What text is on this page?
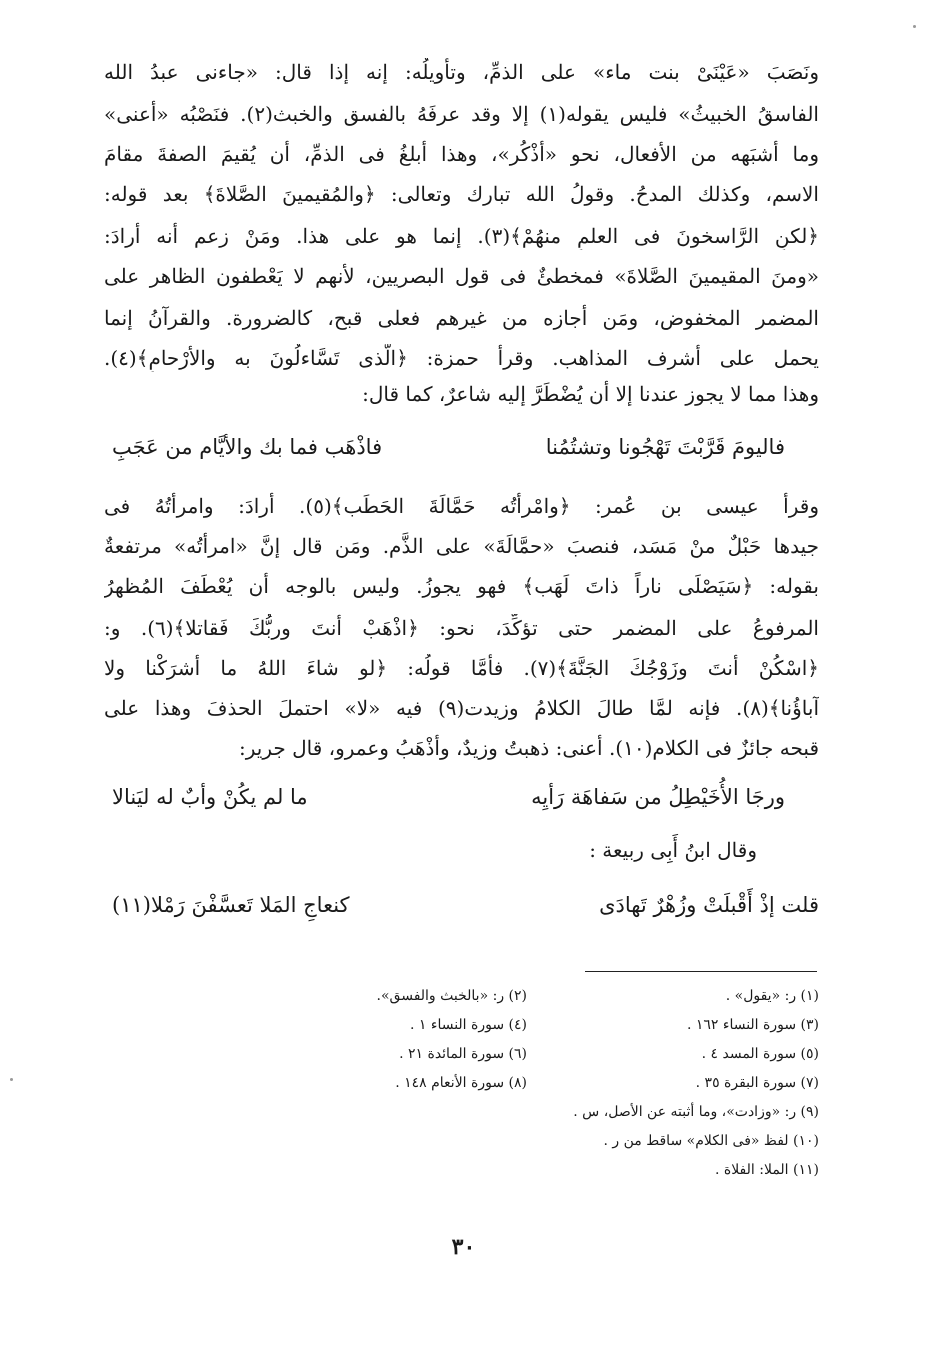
ونَصَبَ «عَيْنَىْ بنت ماء» على الذمِّ، وتأويلُه: إنه إذا قال: «جاءنى عبدُ الله
الفاسقُ الخبيثُ» فليس يقوله(١) إلا وقد عرفَهُ بالفسق والخبث(٢). فنَصْبُه «أعنى»
وما أشبَهه من الأفعال، نحو «أذْكُر»، وهذا أبلغُ فى الذمِّ، أن يُقيمَ الصفةَ مقامَ
الاسم، وكذلك المدحُ. وقولُ الله تبارك وتعالى: ﴿والمُقيمينَ الصَّلاةَ﴾ بعد قوله:
﴿لكنِ الرَّاسخونَ فى العلمِ منهُمْ﴾(٣). إنما هو على هذا. ومَنْ زعم أنه أرادَ:
«ومنَ المقيمينَ الصَّلاةَ» فمخطئٌ فى قول البصريين، لأنهم لا يَعْطفون الظاهر على
المضمر المخفوض، ومَن أجازه من غيرهم فعلى قبح، كالضرورة. والقرآنُ إنما
يحمل على أشرف المذاهب. وقرأ حمزة: ﴿الَّذى تَسَّاءلُونَ به والأرْحامِ﴾(٤).
وهذا مما لا يجوز عندنا إلا أن يُضْطَرَّ إليه شاعرٌ، كما قال:
فاليومَ قَرَّبْتَ تَهْجُونا وتشتُمُنا
فاذْهَب فما بك والأيَّام من عَجَبِ
وقرأ عيسى بن عُمر: ﴿وامْرأتُه حَمَّالَةَ الحَطَب﴾(٥). أرادَ: وامرأتُهُ فى
جيدها حَبْلٌ منْ مَسَد، فنصبَ «حمَّالَةَ» على الذَّم. ومَن قال إنَّ «امرأتُه» مرتفعةٌ
بقوله: ﴿سَيَصْلَى ناراً ذاتَ لَهَب﴾ فهو يجوزُ. وليس بالوجه أن يُعْطَفَ المُظهرُ
المرفوعُ على المضمر حتى تؤكِّدَ، نحو: ﴿اذْهَبْ أنتَ وربُّكَ فَقاتلا﴾(٦). و:
﴿اسْكُنْ أنتَ وزَوْجُكَ الجَنَّةَ﴾(٧). فأمَّا قولُه: ﴿لو شاءَ اللهُ ما أشرَكْنا ولا
آباؤُنا﴾(٨). فإنه لمَّا طالَ الكلامُ وزيدت(٩) فيه «لا» احتملَ الحذفَ وهذا على
قبحه جائزٌ فى الكلام(١٠). أعنى: ذهبتُ وزيدٌ، وأذْهَبُ وعمرو، قال جرير:
ورجَا الأُخَيْطِلُ من سَفاهَة رَأيِه
ما لم يكُنْ وأبٌ له ليَنالا
وقال ابنُ أَبِى ربيعة :
قلت إذْ أَقْبلَتْ وزُهْرٌ تَهادَى
كنعاجِ المَلا تَعسَّفْنَ رَمْلا(١١)
(١) ر: «يقول» .
(٢) ر: «بالخبث والفسق».
(٣) سورة النساء ١٦٢ .
(٤) سورة النساء ١ .
(٥) سورة المسد ٤ .
(٦) سورة المائدة ٢١ .
(٧) سورة البقرة ٣٥ .
(٨) سورة الأنعام ١٤٨ .
(٩) ر: «وزادت»، وما أثبته عن الأصل، س .
(١٠) لفظ «فى الكلام» ساقط من ر .
(١١) الملا: الفلاة .
٣٠
